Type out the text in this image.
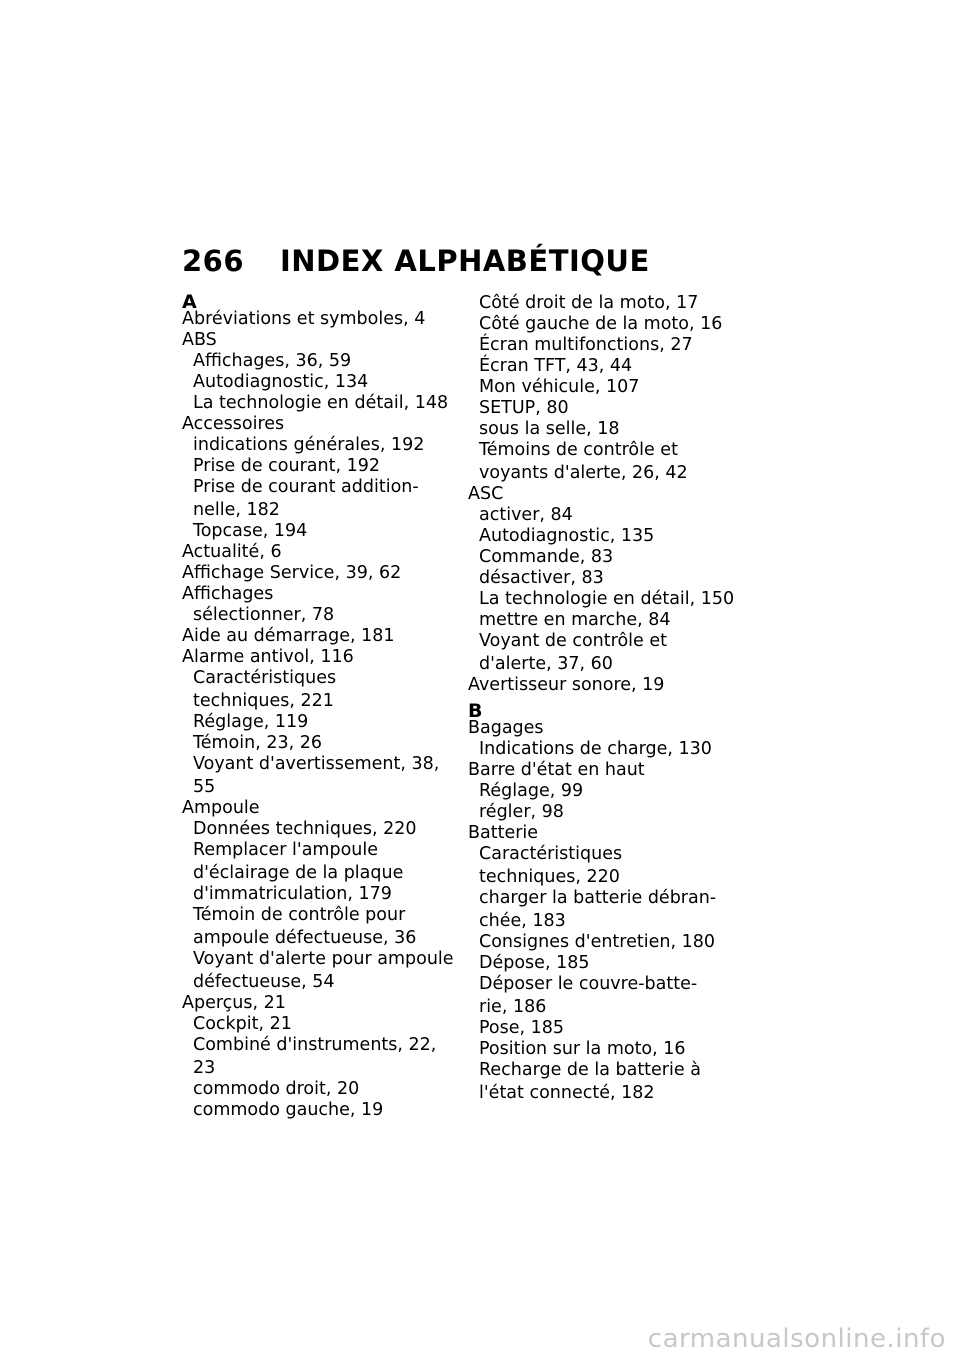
266 INDEX ALPHABÉTIQUE
A
Abréviations et symboles, 4
ABS
Affichages, 36, 59
Autodiagnostic, 134
La technologie en détail, 148
Accessoires
indications générales, 192
Prise de courant, 192
Prise de courant addition-
nelle, 182
Topcase, 194
Actualité, 6
Affichage Service, 39, 62
Affichages
sélectionner, 78
Aide au démarrage, 181
Alarme antivol, 116
Caractéristiques
techniques, 221
Réglage, 119
Témoin, 23, 26
Voyant d'avertissement, 38,
55
Ampoule
Données techniques, 220
Remplacer l'ampoule
d'éclairage de la plaque
d'immatriculation, 179
Témoin de contrôle pour
ampoule défectueuse, 36
Voyant d'alerte pour ampoule
défectueuse, 54
Aperçus, 21
Cockpit, 21
Combiné d'instruments, 22,
23
commodo droit, 20
commodo gauche, 19
Côté droit de la moto, 17
Côté gauche de la moto, 16
Écran multifonctions, 27
Écran TFT, 43, 44
Mon véhicule, 107
SETUP, 80
sous la selle, 18
Témoins de contrôle et
voyants d'alerte, 26, 42
ASC
activer, 84
Autodiagnostic, 135
Commande, 83
désactiver, 83
La technologie en détail, 150
mettre en marche, 84
Voyant de contrôle et
d'alerte, 37, 60
Avertisseur sonore, 19
B
Bagages
Indications de charge, 130
Barre d'état en haut
Réglage, 99
régler, 98
Batterie
Caractéristiques
techniques, 220
charger la batterie débran-
chée, 183
Consignes d'entretien, 180
Dépose, 185
Déposer le couvre-batte-
rie, 186
Pose, 185
Position sur la moto, 16
Recharge de la batterie à
l'état connecté, 182
carmanualsonline.info
